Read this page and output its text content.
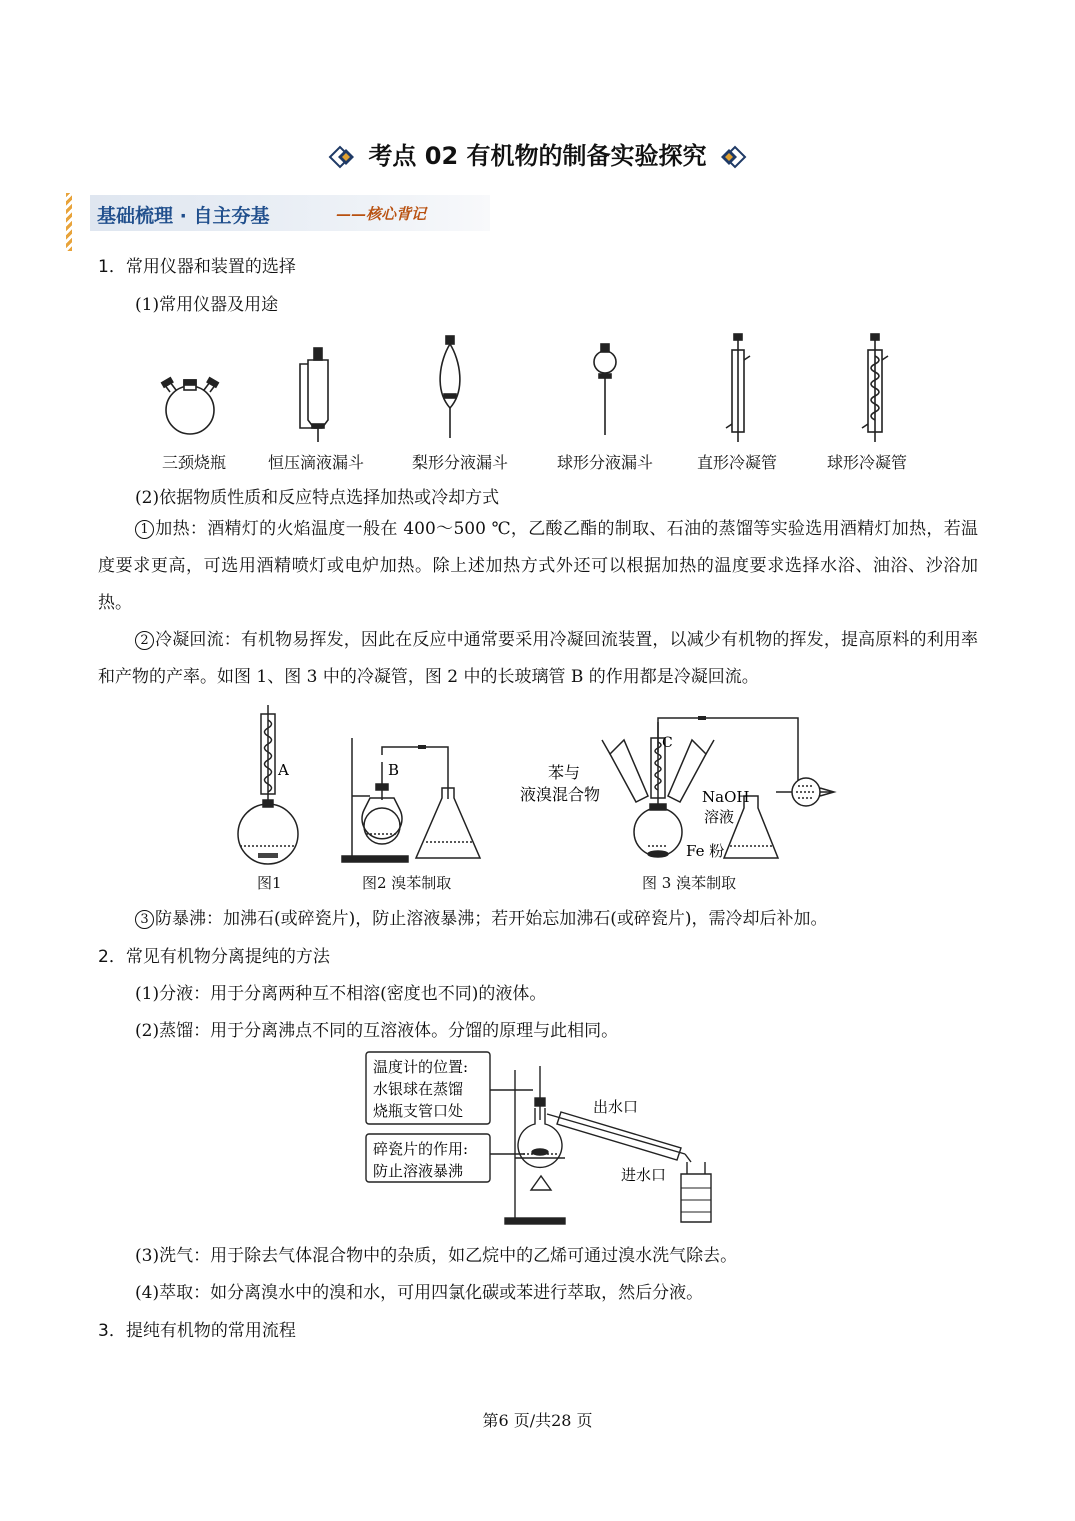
考点 02 有机物的制备实验探究
基础梳理 · 自主夯基	——核心背记
1．常用仪器和装置的选择
(1)常用仪器及用途
三颈烧瓶	恒压滴液漏斗	梨形分液漏斗	球形分液漏斗	直形冷凝管	球形冷凝管
(2)依据物质性质和反应特点选择加热或冷却方式
1 加热：酒精灯的火焰温度一般在 400～500 ℃，乙酸乙酯的制取、石油的蒸馏等实验选用酒精灯加热，若温度要求更高，可选用酒精喷灯或电炉加热。除上述加热方式外还可以根据加热的温度要求选择水浴、油浴、沙浴加热。
2 冷凝回流：有机物易挥发，因此在反应中通常要采用冷凝回流装置，以减少有机物的挥发，提高原料的利用率和产物的产率。如图 1、图 3 中的冷凝管，图 2 中的长玻璃管 B 的作用都是冷凝回流。
A	B
C
苯与
液溴混合物	NaOH
溶液
Fe 粉
图1	图2 溴苯制取	图 3 溴苯制取
3 防暴沸：加沸石(或碎瓷片)，防止溶液暴沸；若开始忘加沸石(或碎瓷片)，需冷却后补加。
2．常见有机物分离提纯的方法
(1)分液：用于分离两种互不相溶(密度也不同)的液体。
(2)蒸馏：用于分离沸点不同的互溶液体。分馏的原理与此相同。
温度计的位置:
水银球在蒸馏
烧瓶支管口处
碎瓷片的作用:
防止溶液暴沸
出水口
进水口
(3)洗气：用于除去气体混合物中的杂质，如乙烷中的乙烯可通过溴水洗气除去。
(4)萃取：如分离溴水中的溴和水，可用四氯化碳或苯进行萃取，然后分液。
3．提纯有机物的常用流程
第6 页/共28 页
